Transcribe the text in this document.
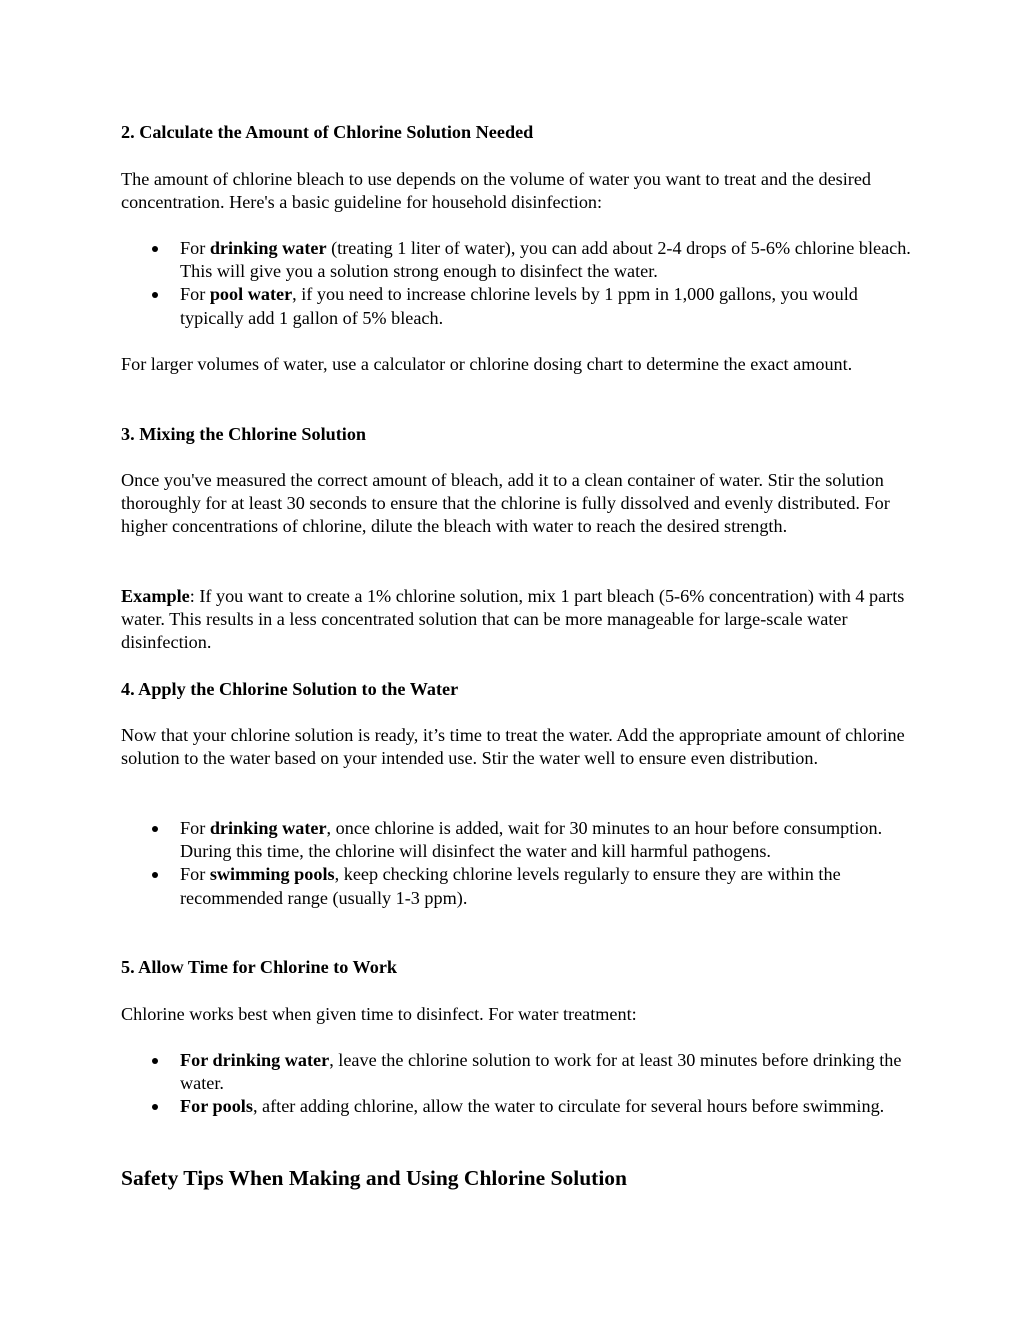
2. Calculate the Amount of Chlorine Solution Needed

The amount of chlorine bleach to use depends on the volume of water you want to treat and the desired concentration. Here's a basic guideline for household disinfection:

For drinking water (treating 1 liter of water), you can add about 2-4 drops of 5-6% chlorine bleach. This will give you a solution strong enough to disinfect the water.
For pool water, if you need to increase chlorine levels by 1 ppm in 1,000 gallons, you would typically add 1 gallon of 5% bleach.

For larger volumes of water, use a calculator or chlorine dosing chart to determine the exact amount.

3. Mixing the Chlorine Solution

Once you've measured the correct amount of bleach, add it to a clean container of water. Stir the solution thoroughly for at least 30 seconds to ensure that the chlorine is fully dissolved and evenly distributed. For higher concentrations of chlorine, dilute the bleach with water to reach the desired strength.

Example: If you want to create a 1% chlorine solution, mix 1 part bleach (5-6% concentration) with 4 parts water. This results in a less concentrated solution that can be more manageable for large-scale water disinfection.

4. Apply the Chlorine Solution to the Water

Now that your chlorine solution is ready, it’s time to treat the water. Add the appropriate amount of chlorine solution to the water based on your intended use. Stir the water well to ensure even distribution.

For drinking water, once chlorine is added, wait for 30 minutes to an hour before consumption. During this time, the chlorine will disinfect the water and kill harmful pathogens.
For swimming pools, keep checking chlorine levels regularly to ensure they are within the recommended range (usually 1-3 ppm).
5. Allow Time for Chlorine to Work

Chlorine works best when given time to disinfect. For water treatment:

For drinking water, leave the chlorine solution to work for at least 30 minutes before drinking the water.
For pools, after adding chlorine, allow the water to circulate for several hours before swimming.
Safety Tips When Making and Using Chlorine Solution
